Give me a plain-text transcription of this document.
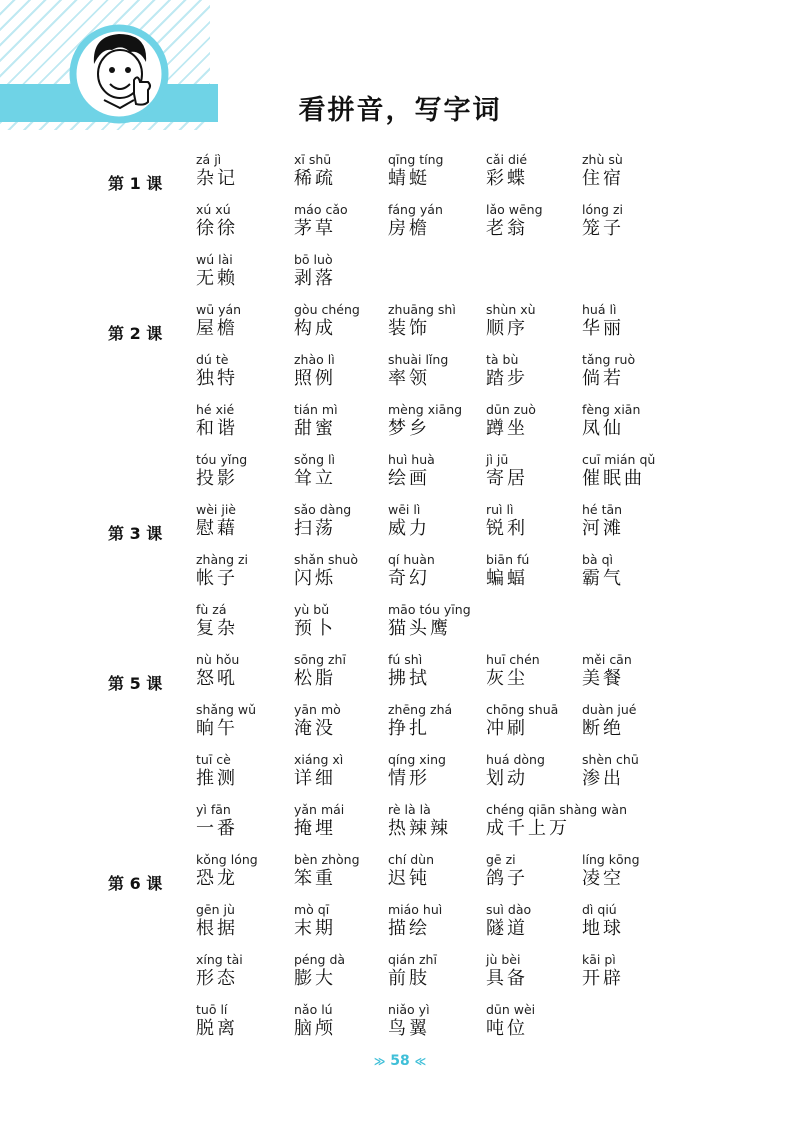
看拼音，写字词
第 1 课
zá jì
杂记
xī shū
稀疏
qīng tíng
蜻蜓
cǎi dié
彩蝶
zhù sù
住宿
xú xú
徐徐
máo cǎo
茅草
fáng yán
房檐
lǎo wēng
老翁
lóng zi
笼子
wú lài
无赖
bō luò
剥落
第 2 课
wū yán
屋檐
gòu chéng
构成
zhuāng shì
装饰
shùn xù
顺序
huá lì
华丽
dú tè
独特
zhào lì
照例
shuài lǐng
率领
tà bù
踏步
tǎng ruò
倘若
hé xié
和谐
tián mì
甜蜜
mèng xiāng
梦乡
dūn zuò
蹲坐
fèng xiān
凤仙
tóu yǐng
投影
sǒng lì
耸立
huì huà
绘画
jì jū
寄居
cuī mián qǔ
催眠曲
第 3 课
wèi jiè
慰藉
sǎo dàng
扫荡
wēi lì
威力
ruì lì
锐利
hé tān
河滩
zhàng zi
帐子
shǎn shuò
闪烁
qí huàn
奇幻
biān fú
蝙蝠
bà qì
霸气
fù zá
复杂
yù bǔ
预卜
māo tóu yīng
猫头鹰
第 5 课
nù hǒu
怒吼
sōng zhī
松脂
fú shì
拂拭
huī chén
灰尘
měi cān
美餐
shǎng wǔ
晌午
yān mò
淹没
zhēng zhá
挣扎
chōng shuā
冲刷
duàn jué
断绝
tuī cè
推测
xiáng xì
详细
qíng xing
情形
huá dòng
划动
shèn chū
渗出
yì fān
一番
yǎn mái
掩埋
rè là là
热辣辣
chéng qiān shàng wàn
成千上万
第 6 课
kǒng lóng
恐龙
bèn zhòng
笨重
chí dùn
迟钝
gē zi
鸽子
líng kōng
凌空
gēn jù
根据
mò qī
末期
miáo huì
描绘
suì dào
隧道
dì qiú
地球
xíng tài
形态
péng dà
膨大
qián zhī
前肢
jù bèi
具备
kāi pì
开辟
tuō lí
脱离
nǎo lú
脑颅
niǎo yì
鸟翼
dūn wèi
吨位
≫ 58 ≪
